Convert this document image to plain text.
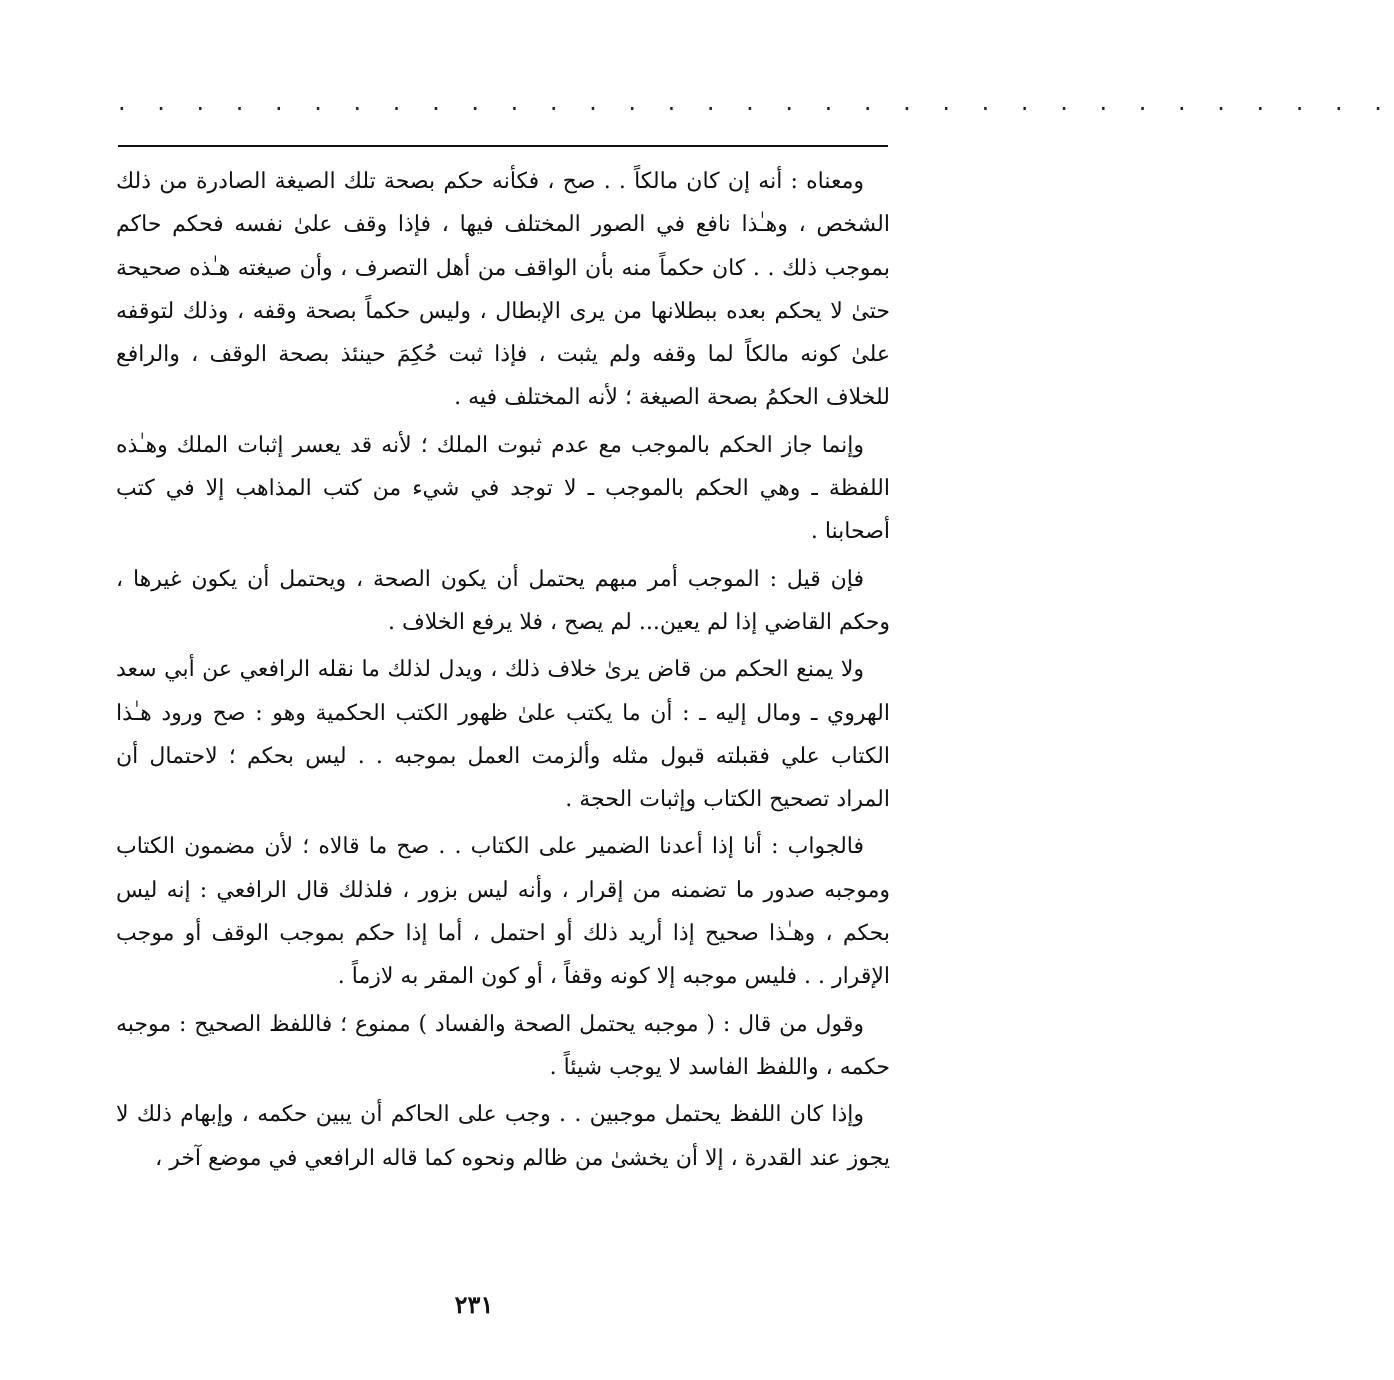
. . . . . . . . . . . . . . . . . . . . . . . . . . . . . . . . .

ومعناه : أنه إن كان مالكاً . . صح ، فكأنه حكم بصحة تلك الصيغة الصادرة من ذلك الشخص ، وهـٰذا نافع في الصور المختلف فيها ، فإذا وقف علىٰ نفسه فحكم حاكم بموجب ذلك . . كان حكماً منه بأن الواقف من أهل التصرف ، وأن صيغته هـٰذه صحيحة حتىٰ لا يحكم بعده ببطلانها من يرى الإبطال ، وليس حكماً بصحة وقفه ، وذلك لتوقفه علىٰ كونه مالكاً لما وقفه ولم يثبت ، فإذا ثبت حُكِمَ حينئذ بصحة الوقف ، والرافع للخلاف الحكمُ بصحة الصيغة ؛ لأنه المختلف فيه .

وإنما جاز الحكم بالموجب مع عدم ثبوت الملك ؛ لأنه قد يعسر إثبات الملك وهـٰذه اللفظة ـ وهي الحكم بالموجب ـ لا توجد في شيء من كتب المذاهب إلا في كتب أصحابنا .

فإن قيل : الموجب أمر مبهم يحتمل أن يكون الصحة ، ويحتمل أن يكون غيرها ، وحكم القاضي إذا لم يعين... لم يصح ، فلا يرفع الخلاف .

ولا يمنع الحكم من قاض يرىٰ خلاف ذلك ، ويدل لذلك ما نقله الرافعي عن أبي سعد الهروي ـ ومال إليه ـ : أن ما يكتب علىٰ ظهور الكتب الحكمية وهو : صح ورود هـٰذا الكتاب علي فقبلته قبول مثله وألزمت العمل بموجبه . . ليس بحكم ؛ لاحتمال أن المراد تصحيح الكتاب وإثبات الحجة .

فالجواب : أنا إذا أعدنا الضمير على الكتاب . . صح ما قالاه ؛ لأن مضمون الكتاب وموجبه صدور ما تضمنه من إقرار ، وأنه ليس بزور ، فلذلك قال الرافعي : إنه ليس بحكم ، وهـٰذا صحيح إذا أريد ذلك أو احتمل ، أما إذا حكم بموجب الوقف أو موجب الإقرار . . فليس موجبه إلا كونه وقفاً ، أو كون المقر به لازماً .

وقول من قال : ( موجبه يحتمل الصحة والفساد ) ممنوع ؛ فاللفظ الصحيح : موجبه حكمه ، واللفظ الفاسد لا يوجب شيئاً .

وإذا كان اللفظ يحتمل موجبين . . وجب على الحاكم أن يبين حكمه ، وإبهام ذلك لا يجوز عند القدرة ، إلا أن يخشىٰ من ظالم ونحوه كما قاله الرافعي في موضع آخر ،

٢٣١
